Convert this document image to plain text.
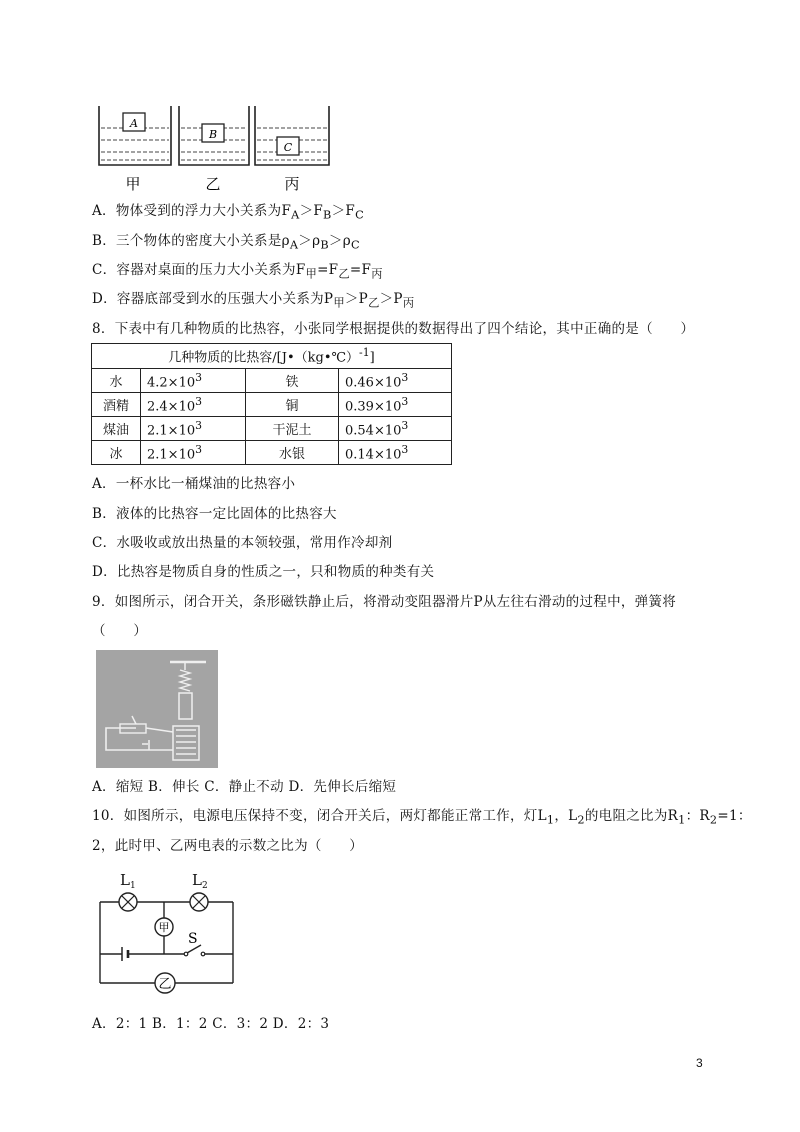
A
B
C
甲	乙	丙
A．物体受到的浮力大小关系为$F_A>F_B>F_C$
B．三个物体的密度大小关系是$\rho_A>\rho_B>\rho_C$
C．容器对桌面的压力大小关系为$F_甲=F_乙=F_丙$
D．容器底部受到水的压强大小关系为$P_甲>P_乙>P_丙$
8．下表中有几种物质的比热容，小张同学根据提供的数据得出了四个结论，其中正确的是（　　）
几种物质的比热容/[J•（kg•℃）$^{-1}$]			
水	$4.2\times 10^3$	铁	$0.46\times 10^3$
酒精	$2.4\times 10^3$	铜	$0.39\times 10^3$
煤油	$2.1\times 10^3$	干泥土	$0.54\times 10^3$
冰	$2.1\times 10^3$	水银	$0.14\times 10^3$
A．一杯水比一桶煤油的比热容小
B．液体的比热容一定比固体的比热容大
C．水吸收或放出热量的本领较强，常用作冷却剂
D．比热容是物质自身的性质之一，只和物质的种类有关
9．如图所示，闭合开关，条形磁铁静止后，将滑动变阻器滑片P从左往右滑动的过程中，弹簧将
（　　）
A．缩短 B．伸长 C．静止不动 D．先伸长后缩短
10．如图所示，电源电压保持不变，闭合开关后，两灯都能正常工作，灯$L_1$，$L_2$的电阻之比为$R_1$：$R_2=1$：
2，此时甲、乙两电表的示数之比为（　　）
$L_1$	$L_2$
甲
乙
S
A．2：1 B．1：2 C．3：2 D．2：3
3
